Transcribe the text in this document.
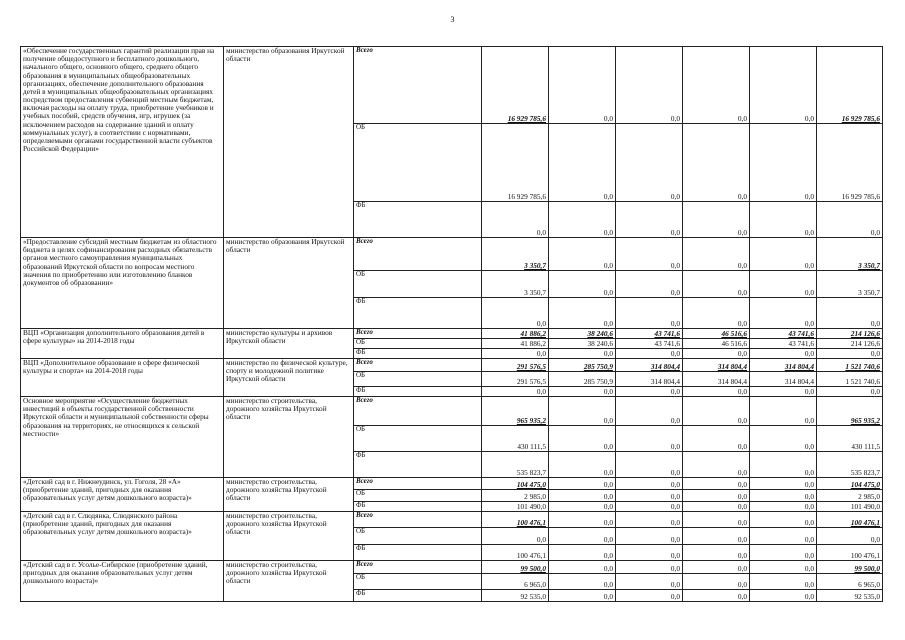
3
«Обеспечение государственных гарантий реализации прав на получение общедоступного и бесплатного дошкольного, начального общего, основного общего, среднего общего образования в муниципальных общеобразовательных организациях, обеспечение дополнительного образования детей в муниципальных общеобразовательных организациях посредством предоставления субвенций местным бюджетам, включая расходы на оплату труда, приобретение учебников и учебных пособий, средств обучения, игр, игрушек (за исключением расходов на содержание зданий и оплату коммунальных услуг), в соответствии с нормативами, определяемыми органами государственной власти субъектов Российской Федерации»	министерство образования Иркутской области	Всего	16 929 785,6	0,0	0,0	0,0	0,0	16 929 785,6
		ОБ	16 929 785,6	0,0	0,0	0,0	0,0	16 929 785,6
		ФБ	0,0	0,0	0,0	0,0	0,0	0,0
«Предоставление субсидий местным бюджетам из областного бюджета в целях софинансирования расходных обязательств органов местного самоуправления муниципальных образований Иркутской области по вопросам местного значения по приобретению или изготовлению бланков документов об образовании»	министерство образования Иркутской области	Всего	3 350,7	0,0	0,0	0,0	0,0	3 350,7
		ОБ	3 350,7	0,0	0,0	0,0	0,0	3 350,7
		ФБ	0,0	0,0	0,0	0,0	0,0	0,0
ВЦП «Организация дополнительного образования детей в сфере культуры» на 2014-2018 годы	министерство культуры и архивов Иркутской области	Всего	41 886,2	38 240,6	43 741,6	46 516,6	43 741,6	214 126,6
		ОБ	41 886,2	38 240,6	43 741,6	46 516,6	43 741,6	214 126,6
		ФБ	0,0	0,0	0,0	0,0	0,0	0,0
ВЦП «Дополнительное образование в сфере физической культуры и спорта» на 2014-2018 годы	министерство по физической культуре, спорту и молодежной политике Иркутской области	Всего	291 576,5	285 750,9	314 804,4	314 804,4	314 804,4	1 521 740,6
		ОБ	291 576,5	285 750,9	314 804,4	314 804,4	314 804,4	1 521 740,6
		ФБ	0,0	0,0	0,0	0,0	0,0	0,0
Основное мероприятие «Осуществление бюджетных инвестиций в объекты государственной собственности Иркутской области и муниципальной собственности сферы образования на территориях, не относящихся к сельской местности»	министерство строительства, дорожного хозяйства Иркутской области	Всего	965 935,2	0,0	0,0	0,0	0,0	965 935,2
		ОБ	430 111,5	0,0	0,0	0,0	0,0	430 111,5
		ФБ	535 823,7	0,0	0,0	0,0	0,0	535 823,7
«Детский сад в г. Нижнеудинск, ул. Гоголя, 28 «А» (приобретение зданий, пригодных для оказания образовательных услуг детям дошкольного возраста)»	министерство строительства, дорожного хозяйства Иркутской области	Всего	104 475,0	0,0	0,0	0,0	0,0	104 475,0
		ОБ	2 985,0	0,0	0,0	0,0	0,0	2 985,0
		ФБ	101 490,0	0,0	0,0	0,0	0,0	101 490,0
«Детский сад в г. Слюдянка, Слюдянского района (приобретение зданий, пригодных для оказания образовательных услуг детям дошкольного возраста)»	министерство строительства, дорожного хозяйства Иркутской области	Всего	100 476,1	0,0	0,0	0,0	0,0	100 476,1
		ОБ	0,0	0,0	0,0	0,0	0,0	0,0
		ФБ	100 476,1	0,0	0,0	0,0	0,0	100 476,1
«Детский сад в г. Усолье-Сибирское (приобретение зданий, пригодных для оказания образовательных услуг детям дошкольного возраста)»	министерство строительства, дорожного хозяйства Иркутской области	Всего	99 500,0	0,0	0,0	0,0	0,0	99 500,0
		ОБ	6 965,0	0,0	0,0	0,0	0,0	6 965,0
		ФБ	92 535,0	0,0	0,0	0,0	0,0	92 535,0
